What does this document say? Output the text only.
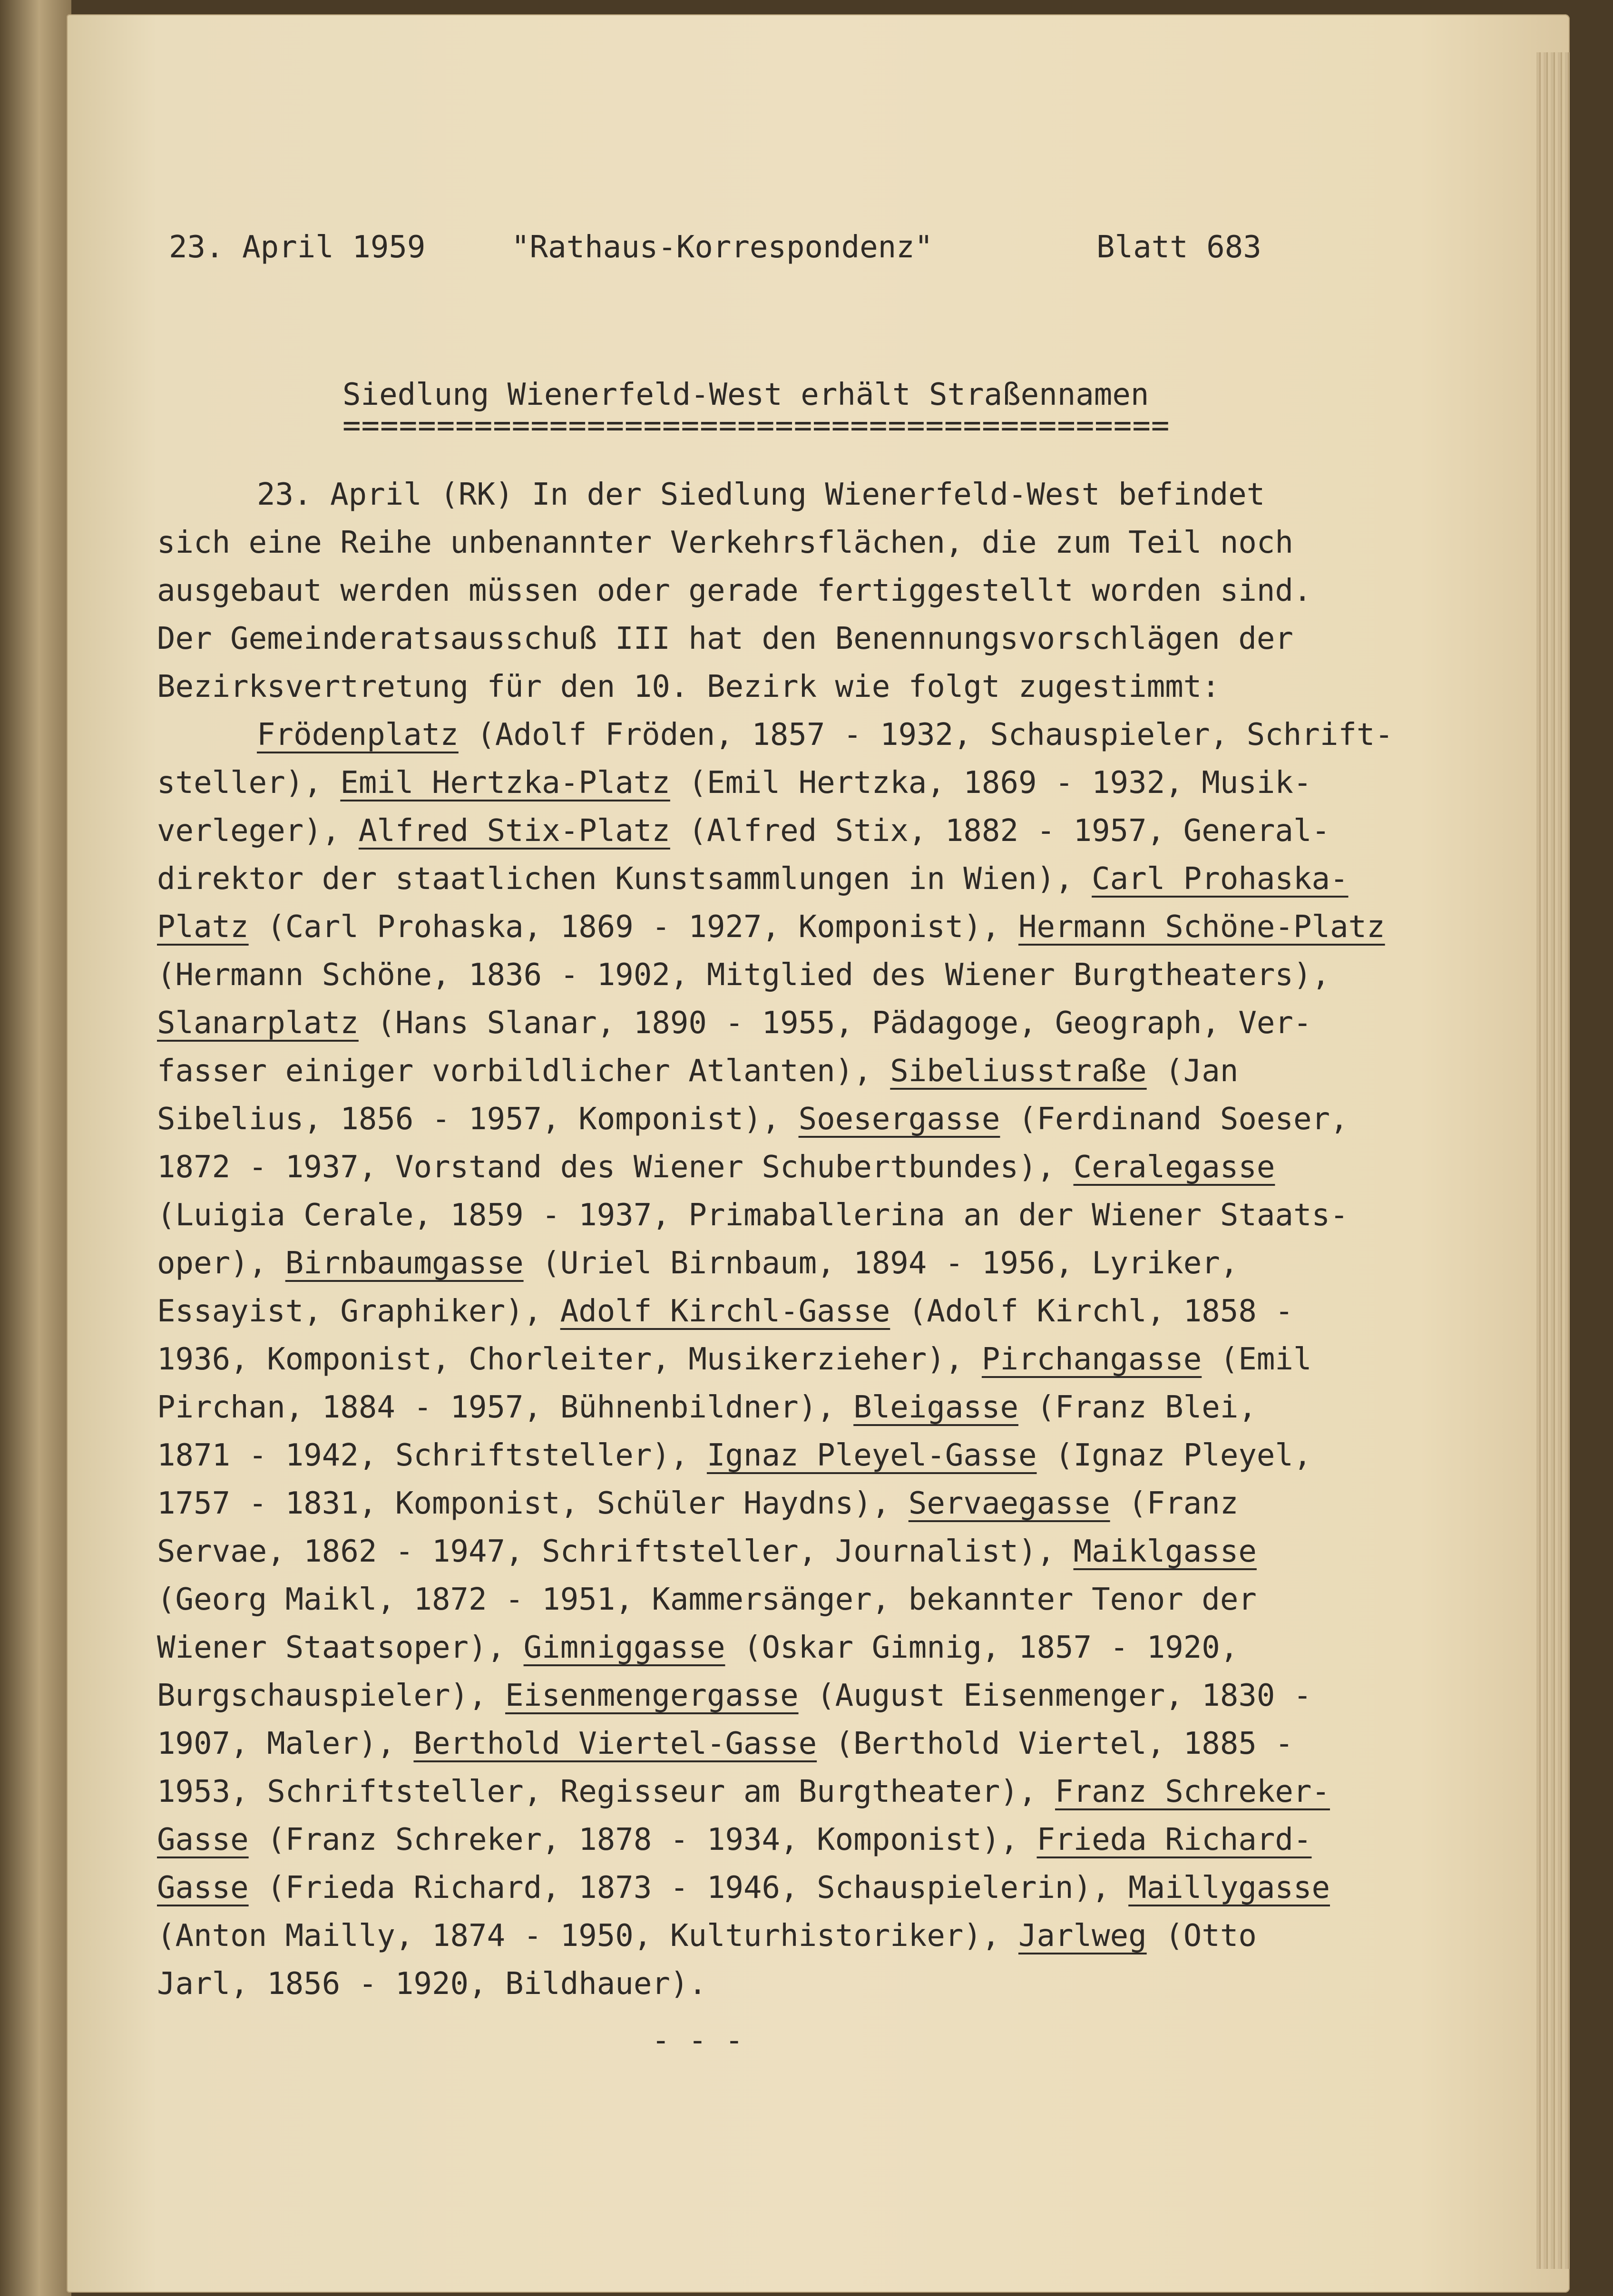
23. April 1959	"Rathaus-Korrespondenz"	Blatt 683
Siedlung Wienerfeld-West erhält Straßennamen
============================================
23. April (RK) In der Siedlung Wienerfeld-West befindet
sich eine Reihe unbenannter Verkehrsflächen, die zum Teil noch
ausgebaut werden müssen oder gerade fertiggestellt worden sind.
Der Gemeinderatsausschuß III hat den Benennungsvorschlägen der
Bezirksvertretung für den 10. Bezirk wie folgt zugestimmt:
Frödenplatz (Adolf Fröden, 1857 - 1932, Schauspieler, Schrift-
steller), Emil Hertzka-Platz (Emil Hertzka, 1869 - 1932, Musik-
verleger), Alfred Stix-Platz (Alfred Stix, 1882 - 1957, General-
direktor der staatlichen Kunstsammlungen in Wien), Carl Prohaska-
Platz (Carl Prohaska, 1869 - 1927, Komponist), Hermann Schöne-Platz
(Hermann Schöne, 1836 - 1902, Mitglied des Wiener Burgtheaters),
Slanarplatz (Hans Slanar, 1890 - 1955, Pädagoge, Geograph, Ver-
fasser einiger vorbildlicher Atlanten), Sibeliusstraße (Jan
Sibelius, 1856 - 1957, Komponist), Soesergasse (Ferdinand Soeser,
1872 - 1937, Vorstand des Wiener Schubertbundes), Ceralegasse
(Luigia Cerale, 1859 - 1937, Primaballerina an der Wiener Staats-
oper), Birnbaumgasse (Uriel Birnbaum, 1894 - 1956, Lyriker,
Essayist, Graphiker), Adolf Kirchl-Gasse (Adolf Kirchl, 1858 -
1936, Komponist, Chorleiter, Musikerzieher), Pirchangasse (Emil
Pirchan, 1884 - 1957, Bühnenbildner), Bleigasse (Franz Blei,
1871 - 1942, Schriftsteller), Ignaz Pleyel-Gasse (Ignaz Pleyel,
1757 - 1831, Komponist, Schüler Haydns), Servaegasse (Franz
Servae, 1862 - 1947, Schriftsteller, Journalist), Maiklgasse
(Georg Maikl, 1872 - 1951, Kammersänger, bekannter Tenor der
Wiener Staatsoper), Gimniggasse (Oskar Gimnig, 1857 - 1920,
Burgschauspieler), Eisenmengergasse (August Eisenmenger, 1830 -
1907, Maler), Berthold Viertel-Gasse (Berthold Viertel, 1885 -
1953, Schriftsteller, Regisseur am Burgtheater), Franz Schreker-
Gasse (Franz Schreker, 1878 - 1934, Komponist), Frieda Richard-
Gasse (Frieda Richard, 1873 - 1946, Schauspielerin), Maillygasse
(Anton Mailly, 1874 - 1950, Kulturhistoriker), Jarlweg (Otto
Jarl, 1856 - 1920, Bildhauer).
- - -
